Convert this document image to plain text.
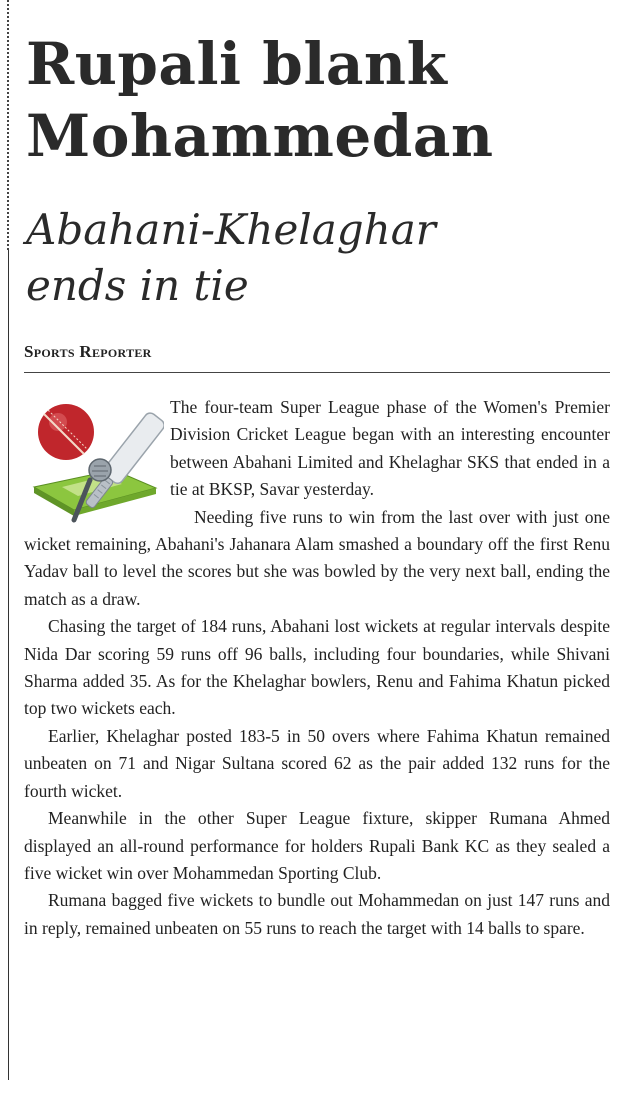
Rupali blank
Mohammedan
Abahani-Khelaghar
ends in tie
Sports Reporter

The four-team Super League phase of the Women's Premier Division Cricket League began with an interesting encounter between Abahani Limited and Khelaghar SKS that ended in a tie at BKSP, Savar yesterday.

Needing five runs to win from the last over with just one wicket remaining, Abahani's Jahanara Alam smashed a boundary off the first Renu Yadav ball to level the scores but she was bowled by the very next ball, ending the match as a draw.

Chasing the target of 184 runs, Abahani lost wickets at regular intervals despite Nida Dar scoring 59 runs off 96 balls, including four boundaries, while Shivani Sharma added 35. As for the Khelaghar bowlers, Renu and Fahima Khatun picked top two wickets each.

Earlier, Khelaghar posted 183-5 in 50 overs where Fahima Khatun remained unbeaten on 71 and Nigar Sultana scored 62 as the pair added 132 runs for the fourth wicket.

Meanwhile in the other Super League fixture, skipper Rumana Ahmed displayed an all-round performance for holders Rupali Bank KC as they sealed a five wicket win over Mohammedan Sporting Club.

Rumana bagged five wickets to bundle out Mohammedan on just 147 runs and in reply, remained unbeaten on 55 runs to reach the target with 14 balls to spare.
